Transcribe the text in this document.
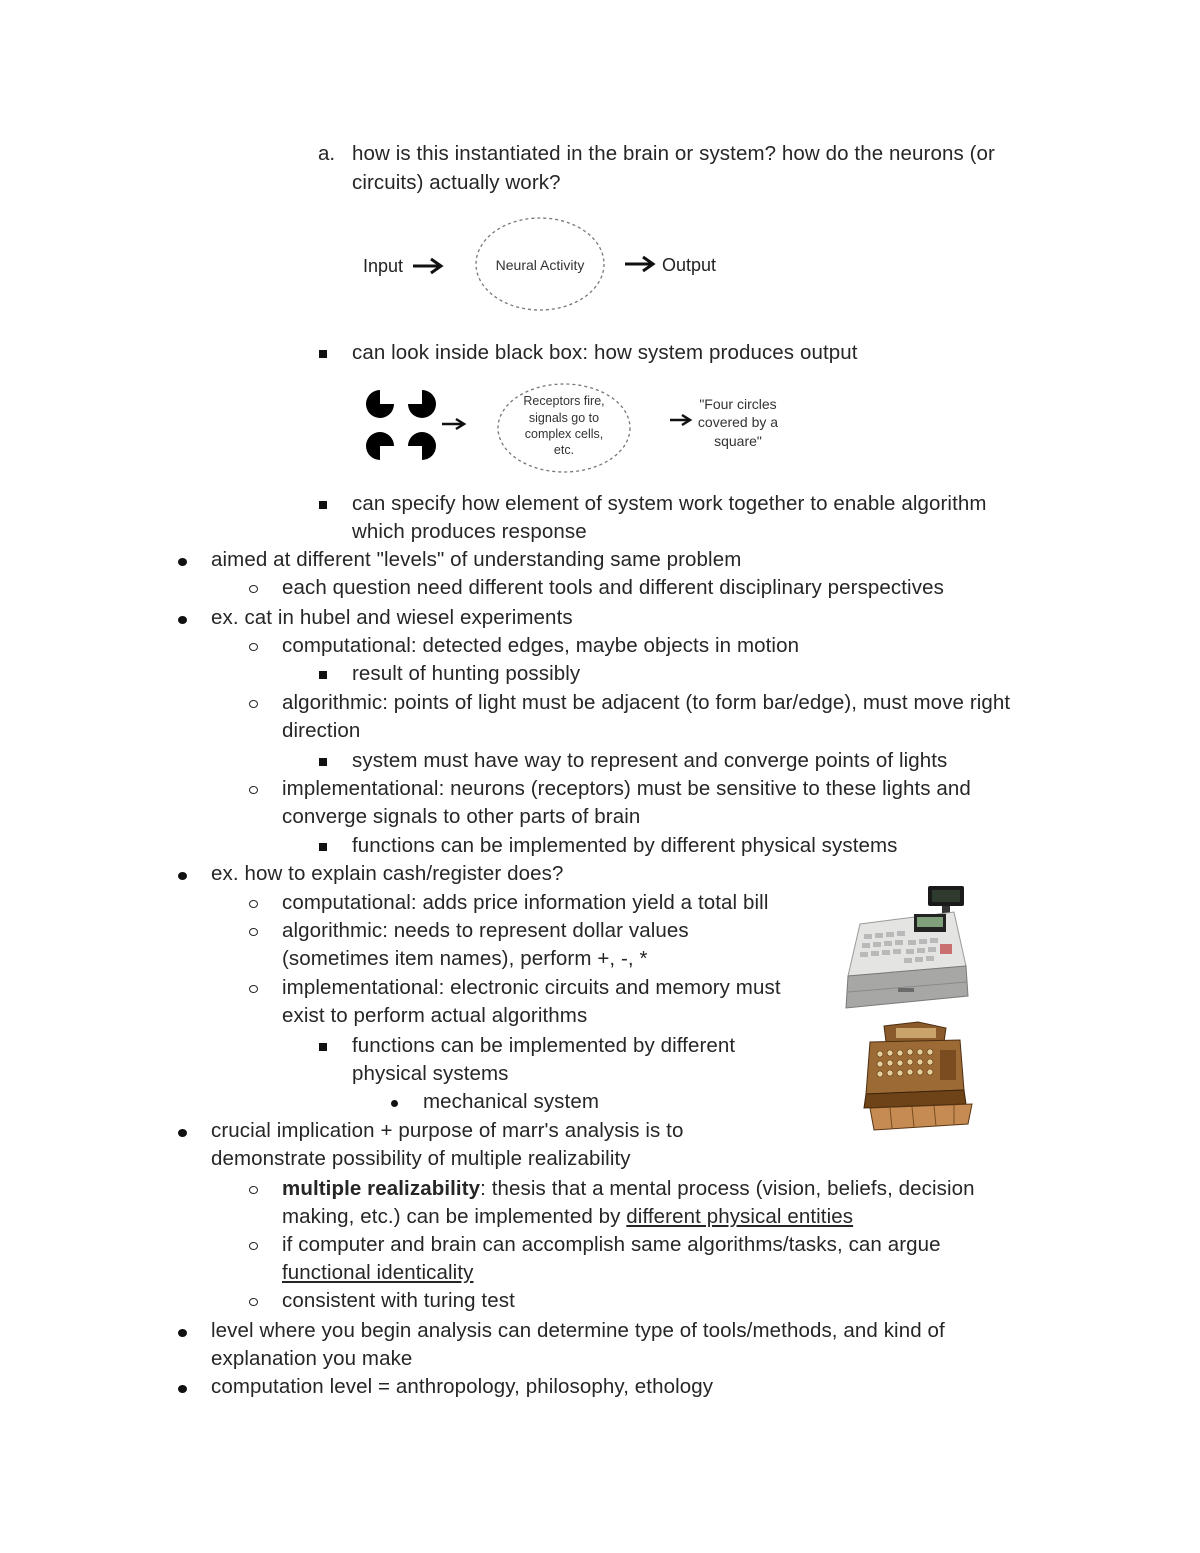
a. how is this instantiated in the brain or system? how do the neurons (or
circuits) actually work?
Input	Neural Activity	Output
can look inside black box: how system produces output
Receptors fire,
signals go to
complex cells,
etc.
"Four circles
covered by a
square"
can specify how element of system work together to enable algorithm
which produces response
aimed at different "levels" of understanding same problem
each question need different tools and different disciplinary perspectives
ex. cat in hubel and wiesel experiments
computational: detected edges, maybe objects in motion
result of hunting possibly
algorithmic: points of light must be adjacent (to form bar/edge), must move right
direction
system must have way to represent and converge points of lights
implementational: neurons (receptors) must be sensitive to these lights and
converge signals to other parts of brain
functions can be implemented by different physical systems
ex. how to explain cash/register does?
computational: adds price information yield a total bill
algorithmic: needs to represent dollar values
(sometimes item names), perform +, -, *
implementational: electronic circuits and memory must
exist to perform actual algorithms
functions can be implemented by different
physical systems
mechanical system
crucial implication + purpose of marr's analysis is to
demonstrate possibility of multiple realizability
multiple realizability: thesis that a mental process (vision, beliefs, decision
making, etc.) can be implemented by different physical entities
if computer and brain can accomplish same algorithms/tasks, can argue
functional identicality
consistent with turing test
level where you begin analysis can determine type of tools/methods, and kind of
explanation you make
computation level = anthropology, philosophy, ethology
